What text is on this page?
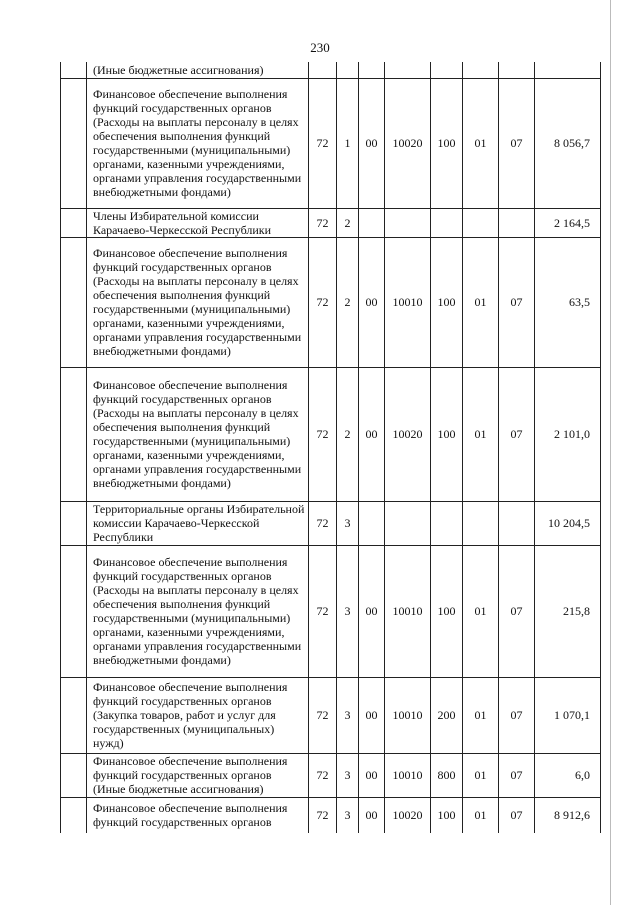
230
	(Иные бюджетные ассигнования)								
	Финансовое обеспечение выполнения функций государственных органов (Расходы на выплаты персоналу в целях обеспечения выполнения функций государственными (муниципальными) органами, казенными учреждениями, органами управления государственными внебюджетными фондами)	72	1	00	10020	100	01	07	8 056,7
	Члены Избирательной комиссии Карачаево-Черкесской Республики	72	2						2 164,5
	Финансовое обеспечение выполнения функций государственных органов (Расходы на выплаты персоналу в целях обеспечения выполнения функций государственными (муниципальными) органами, казенными учреждениями, органами управления государственными внебюджетными фондами)	72	2	00	10010	100	01	07	63,5
	Финансовое обеспечение выполнения функций государственных органов (Расходы на выплаты персоналу в целях обеспечения выполнения функций государственными (муниципальными) органами, казенными учреждениями, органами управления государственными внебюджетными фондами)	72	2	00	10020	100	01	07	2 101,0
	Территориальные органы Избирательной комиссии Карачаево-Черкесской Республики	72	3						10 204,5
	Финансовое обеспечение выполнения функций государственных органов (Расходы на выплаты персоналу в целях обеспечения выполнения функций государственными (муниципальными) органами, казенными учреждениями, органами управления государственными внебюджетными фондами)	72	3	00	10010	100	01	07	215,8
	Финансовое обеспечение выполнения функций государственных органов (Закупка товаров, работ и услуг для государственных (муниципальных) нужд)	72	3	00	10010	200	01	07	1 070,1
	Финансовое обеспечение выполнения функций государственных органов (Иные бюджетные ассигнования)	72	3	00	10010	800	01	07	6,0
	Финансовое обеспечение выполнения функций государственных органов	72	3	00	10020	100	01	07	8 912,6
